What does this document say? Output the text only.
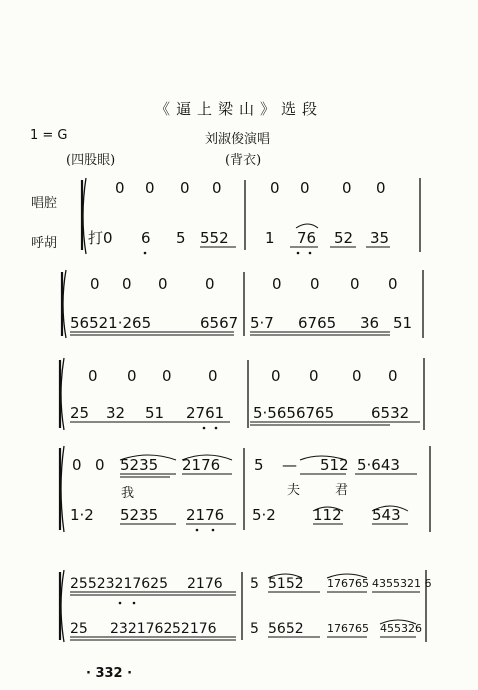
《逼上梁山》选段
1 = G	刘淑俊演唱
(四股眼)	(背衣)
唱腔
呼胡
0 0 0 0	0 0 0 0
打0 6 5 552 1 76 52 35
0 0 0 0	0 0 0 0
56521·265	6567 5·7 6765 36 51
0 0 0 0	0 0 0 0
25 32 51 2761 5·5656765 6532
0 0 5235 2176 5 — 512 5·643
我	夫	君
1·2 5235 2176 5·2 112 543
25523217625 2176 5 5152 176765 4355321 6
25 2321762 52176 5 5652 176765 455326
· 332 ·
